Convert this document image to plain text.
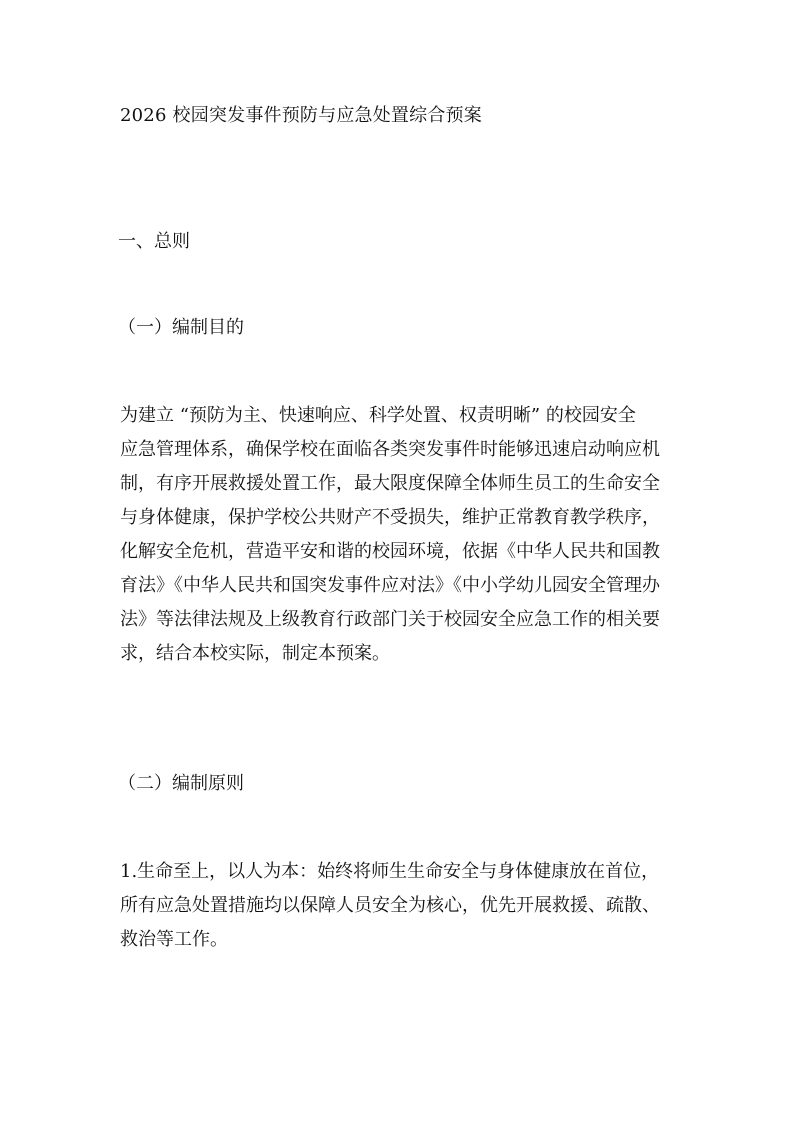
2026 校园突发事件预防与应急处置综合预案
一、总则
（一）编制目的
为建立 “预防为主、快速响应、科学处置、权责明晰” 的校园安全
应急管理体系，确保学校在面临各类突发事件时能够迅速启动响应机
制，有序开展救援处置工作，最大限度保障全体师生员工的生命安全
与身体健康，保护学校公共财产不受损失，维护正常教育教学秩序，
化解安全危机，营造平安和谐的校园环境，依据《中华人民共和国教
育法》《中华人民共和国突发事件应对法》《中小学幼儿园安全管理办
法》等法律法规及上级教育行政部门关于校园安全应急工作的相关要
求，结合本校实际，制定本预案。
（二）编制原则
1.生命至上，以人为本：始终将师生生命安全与身体健康放在首位，
所有应急处置措施均以保障人员安全为核心，优先开展救援、疏散、
救治等工作。
